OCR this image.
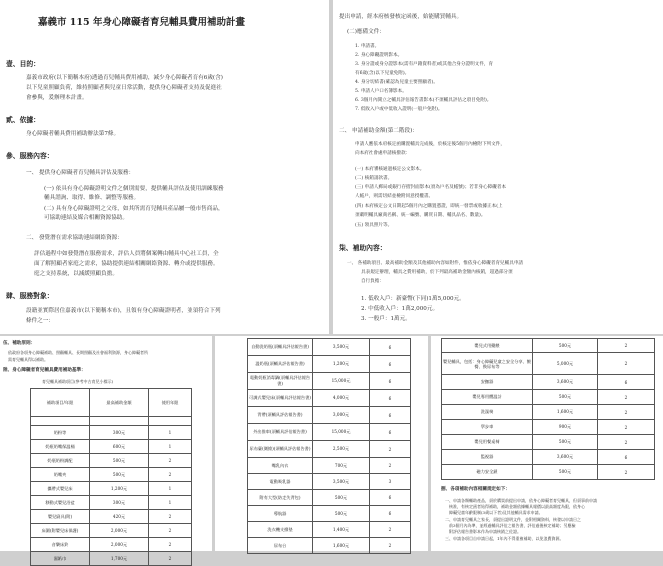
嘉義市 115 年身心障礙者育兒輔具費用補助計畫
壹、目的：
嘉義市政府(以下簡稱本府)透過育兒輔具費用補助，減少身心障礙者育有6歲(含)
以下兒童照顧負荷，維持照顧者與兒童日常活動，提供身心障礙者支持及促進社
會參與，爰辦理本計畫。
貳、依據：
身心障礙者輔具費用補助辦法第7條。
參、服務內容：
一、 提供身心障礙者育兒輔具評估及服務：
(一) 依具有身心障礙證明文件之個別需要，提供輔具評估及使用訓練服務
輔具諮詢、取得、維修、調整等服務。
(二) 具有身心障礙證明之父母，如其所需育兒輔具產品屬一般市售商品，
可協助連結及媒合相關資源協助。
二、 發覺潛在需求協助連結網絡資源：
評估過程中如發覺潛在服務需求，評估人員將個案轉由輔具中心社工員，全
面了解照顧者家庭之需求，協助提供連結相關網絡資源、轉介或提供服務。
庭之支持系統，以減緩照顧負擔。
肆、服務對象：
設籍並實際居住嘉義市(以下簡稱本市)，且領有身心障礙證明者，並須符合下列
條件之一：
提出申請，經本府核發核定函後，始能購買輔具。
(二)應備文件：
1. 申請書。
2. 身心障礙證明影本。
3. 身分證或身分證影本(需有戶籍資料者)或其他合身分證明文件，育
有6歲(含)以下兒童免附)。
4. 身分切結書(確認為兒童主要照顧者)。
5. 申請人戶口名簿影本。
6. 3個月內開立之輔具評估報告書影本(不須輔具評估之項目免附)。
7. 低收入戶或中低收入證明(一般戶免附)。
二、 申請補助金額(第二階段)：
申請人應依本府核定函購置輔具完成後，於核定後5個月內檢附下列文件，
向本府社會處申請核撥款：
(一) 本府審核通過核定公文影本。
(二) 核銷請款書。
(三) 申請人郵局或銀行存摺封面影本(須為戶名及帳號)；若非身心障礙者本
人帳戶，則需切結並檢附同意授權書。
(四) 本府核定公文日期起5個月內之購置憑證，即統一發票或收據正本(上
須載明輔具廠商名稱、統一編號、購買日期、輔具品名、數量)。
(五) 領具照片等。
柒、補助內容：
一、 各補助項目、最高補助金額及其他補助內容如附件，惟依身心障礙者育兒輔具申請
具表規定辦理，輔具之費用補助，於下列最高補助金額內核銷，超過部分須
自行負擔：
1. 低收入戶：新臺幣(下同)1萬5,000元。
2. 中低收入戶：1萬2,000元。
3. 一般戶：1萬元。
伍、補助原則：
依政府各項身心障礙補助、照顧輔具、長期照顧及社會福利資源，身心障礙者所
需育兒輔具得以補助。
陸、身心障礙者育兒輔具費用補助基準：
育兒輔具補助項目(參考中古育兒小標示)
補助項目/年限	最高補助金額	使用年限

奶粉等	300元	1
奶瓶奶嘴保溫桶	600元	1
奶瓶奶粉調配	500元	2
奶嘴夾	500元	2
攜帶式嬰兒床	1,200元	1
移動式嬰兒浴盆	300元	1
嬰兒寢具(附)	420元	2
床圍(附嬰兒床保護)	2,000元	2
音樂床鈴	2,000元	2
濕紙巾	1,700元	2
自動洗奶瓶(須輔具評估報告書)	3,500元	6
溫奶瓶(須輔具評估報告書)	1,200元	6
電動奶瓶消毒鍋(須輔具評估報告書)	15,000元	6
可調式嬰兒床(須輔具評估報告書)	4,000元	6
背帶(須輔具評估報告書)	3,000元	6
外出推車(須輔具評估報告書)	15,000元	6
尿布臺(側掀)(須輔具評估報告書)	2,500元	2
嘴乳內衣	700元	2
電動吸乳器	3,500元	3
附有大型(防走失背包)	500元	6
導航器	500元	6
洗衣機支撐墊	1,400元	2
尿布台	1,600元	2
嬰兒式用藥餵	500元	2
嬰兒輔具，包括：身心障礙兒童之安全分享、餵餐、換尿布等	5,000元	2
安撫器	3,600元	6
嬰兒專用體溫計	500元	2
洗澡椅	1,600元	2
學步車	900元	2
嬰兒用餐桌椅	500元	2
監視器	3,600元	6
磁力安全鎖	500元	2
捌、各項補助內容相關規定如下：
一、申請各類輔助產品，須於購買前提出申請，依身心障礙者育兒輔具，但須事前申請
核准，有核定函者始得補助，補助金額依據輔具報價以最高額度為限，依身心
障礙兒童年齡限制(3歲以下者)及其他輔具需求申請。
二、申請育兒輔具之家長，須提出證明文件，並附相關資料，核發以申請日之
前3個月內為準，並經過輔具評估之報告書，評估過後核定補助；另應檢
附評估報告書影本作為申請核銷之佐證。
三、申請各項目自申請日起，1年內不得重複補助，以免浪費資源。
